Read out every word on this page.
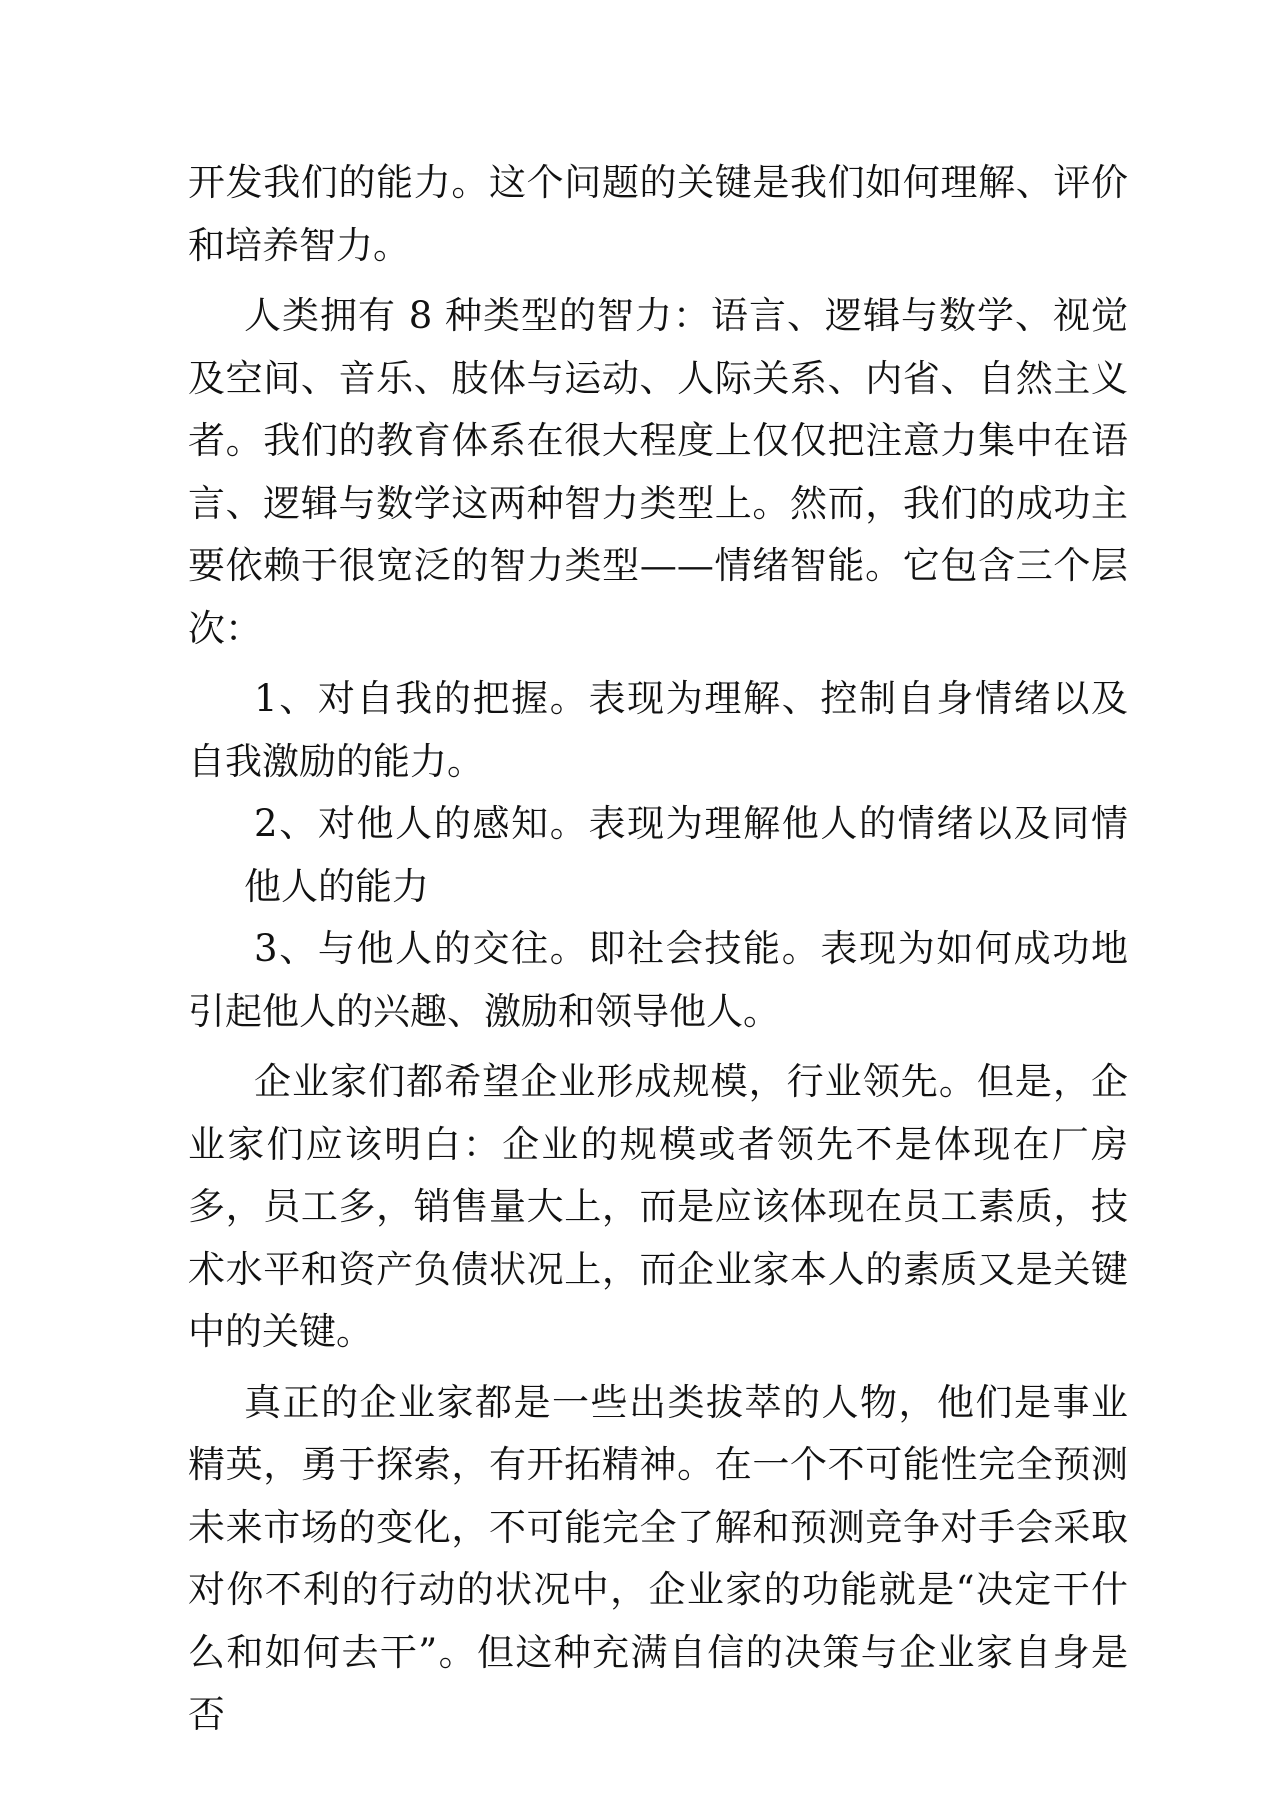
开发我们的能力。这个问题的关键是我们如何理解、评价和培养智力。

人类拥有 8 种类型的智力：语言、逻辑与数学、视觉及空间、音乐、肢体与运动、人际关系、内省、自然主义者。我们的教育体系在很大程度上仅仅把注意力集中在语言、逻辑与数学这两种智力类型上。然而，我们的成功主要依赖于很宽泛的智力类型——情绪智能。它包含三个层次：

1、对自我的把握。表现为理解、控制自身情绪以及自我激励的能力。

2、对他人的感知。表现为理解他人的情绪以及同情他人的能力

3、与他人的交往。即社会技能。表现为如何成功地引起他人的兴趣、激励和领导他人。

企业家们都希望企业形成规模，行业领先。但是，企业家们应该明白：企业的规模或者领先不是体现在厂房多，员工多，销售量大上，而是应该体现在员工素质，技术水平和资产负债状况上，而企业家本人的素质又是关键中的关键。

真正的企业家都是一些出类拔萃的人物，他们是事业精英，勇于探索，有开拓精神。在一个不可能性完全预测未来市场的变化，不可能完全了解和预测竞争对手会采取对你不利的行动的状况中，企业家的功能就是“决定干什么和如何去干”。但这种充满自信的决策与企业家自身是否
